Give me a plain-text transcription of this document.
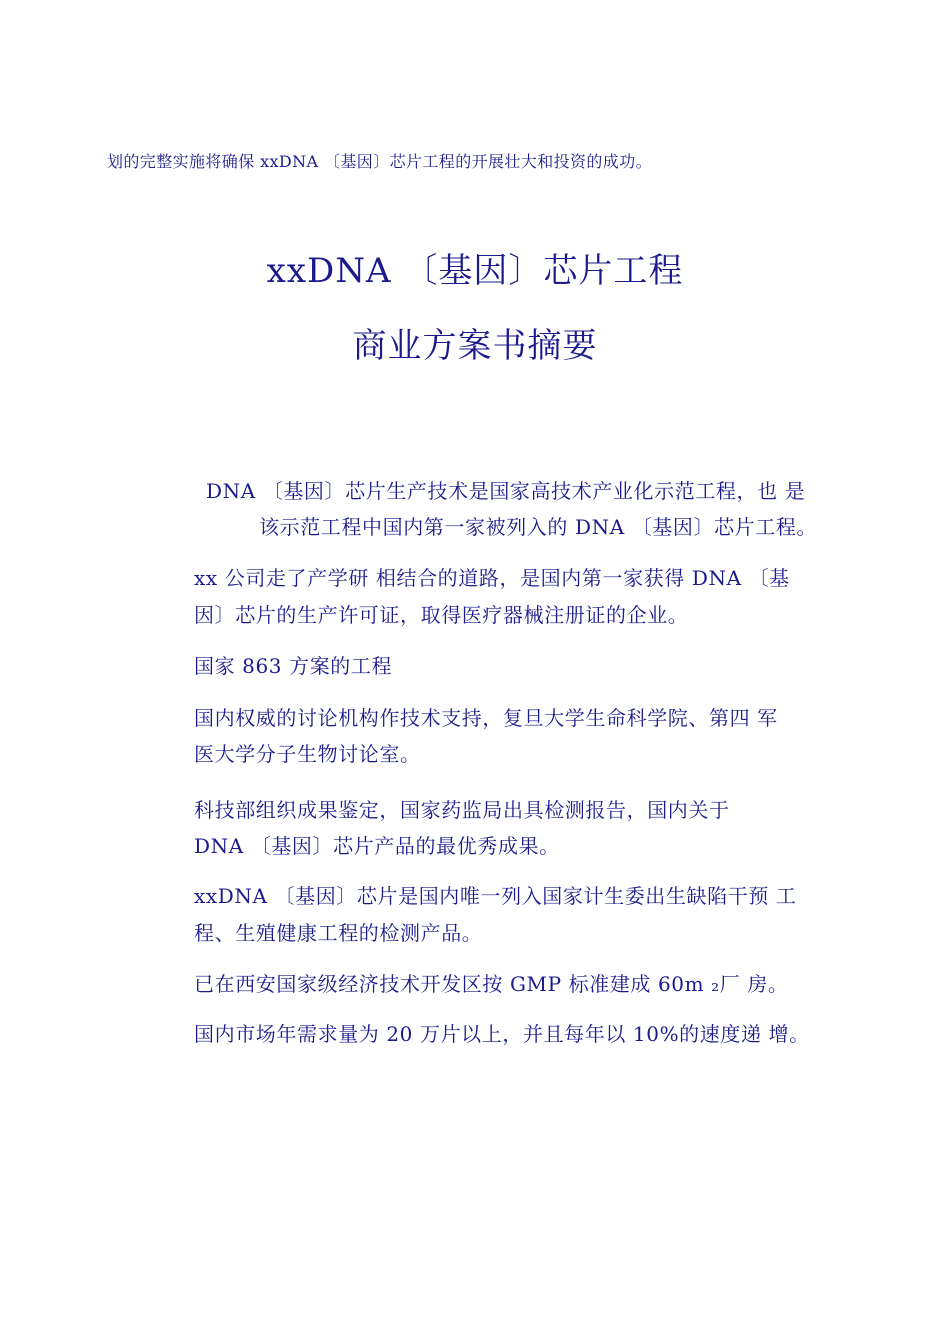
划的完整实施将确保 xxDNA 〔基因〕芯片工程的开展壮大和投资的成功。

xxDNA 〔基因〕芯片工程
商业方案书摘要

DNA 〔基因〕芯片生产技术是国家高技术产业化示范工程，也 是

该示范工程中国内第一家被列入的 DNA 〔基因〕芯片工程。

xx 公司走了产学研 相结合的道路，是国内第一家获得 DNA 〔基

因〕芯片的生产许可证，取得医疗器械注册证的企业。

国家 863 方案的工程

国内权威的讨论机构作技术支持，复旦大学生命科学院、第四 军

医大学分子生物讨论室。

科技部组织成果鉴定，国家药监局出具检测报告，国内关于

DNA 〔基因〕芯片产品的最优秀成果。

xxDNA 〔基因〕芯片是国内唯一列入国家计生委出生缺陷干预 工

程、生殖健康工程的检测产品。

已在西安国家级经济技术开发区按 GMP 标准建成 60m ₂厂 房。

国内市场年需求量为 20 万片以上，并且每年以 10%的速度递 增。
